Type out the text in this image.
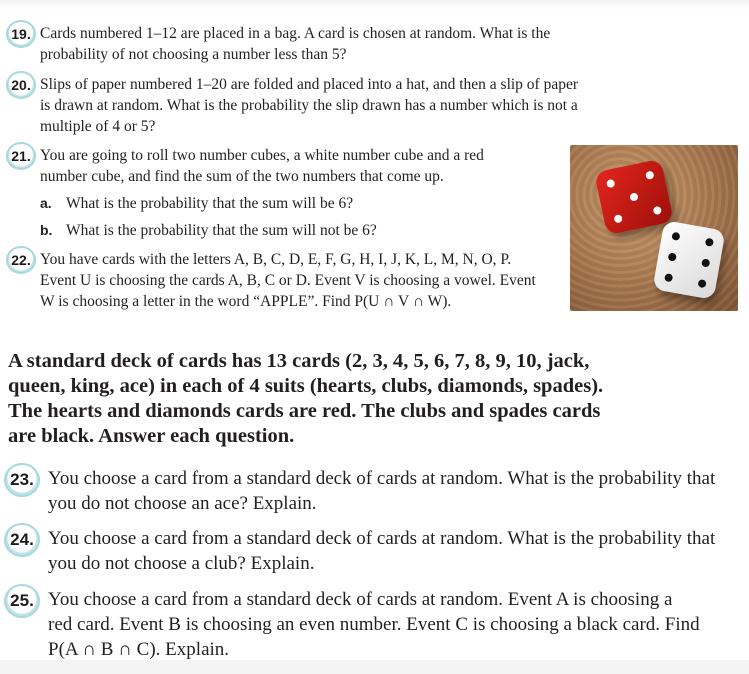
19. Cards numbered 1–12 are placed in a bag. A card is chosen at random. What is the
probability of not choosing a number less than 5?
20. Slips of paper numbered 1–20 are folded and placed into a hat, and then a slip of paper
is drawn at random. What is the probability the slip drawn has a number which is not a
multiple of 4 or 5?
21. You are going to roll two number cubes, a white number cube and a red
number cube, and find the sum of the two numbers that come up.
a. What is the probability that the sum will be 6?
b. What is the probability that the sum will not be 6?
22. You have cards with the letters A, B, C, D, E, F, G, H, I, J, K, L, M, N, O, P.
Event U is choosing the cards A, B, C or D. Event V is choosing a vowel. Event
W is choosing a letter in the word “APPLE”. Find P(U ∩ V ∩ W).
A standard deck of cards has 13 cards (2, 3, 4, 5, 6, 7, 8, 9, 10, jack,
queen, king, ace) in each of 4 suits (hearts, clubs, diamonds, spades).
The hearts and diamonds cards are red. The clubs and spades cards
are black. Answer each question.
23. You choose a card from a standard deck of cards at random. What is the probability that
you do not choose an ace? Explain.
24. You choose a card from a standard deck of cards at random. What is the probability that
you do not choose a club? Explain.
25. You choose a card from a standard deck of cards at random. Event A is choosing a
red card. Event B is choosing an even number. Event C is choosing a black card. Find
P(A ∩ B ∩ C). Explain.
